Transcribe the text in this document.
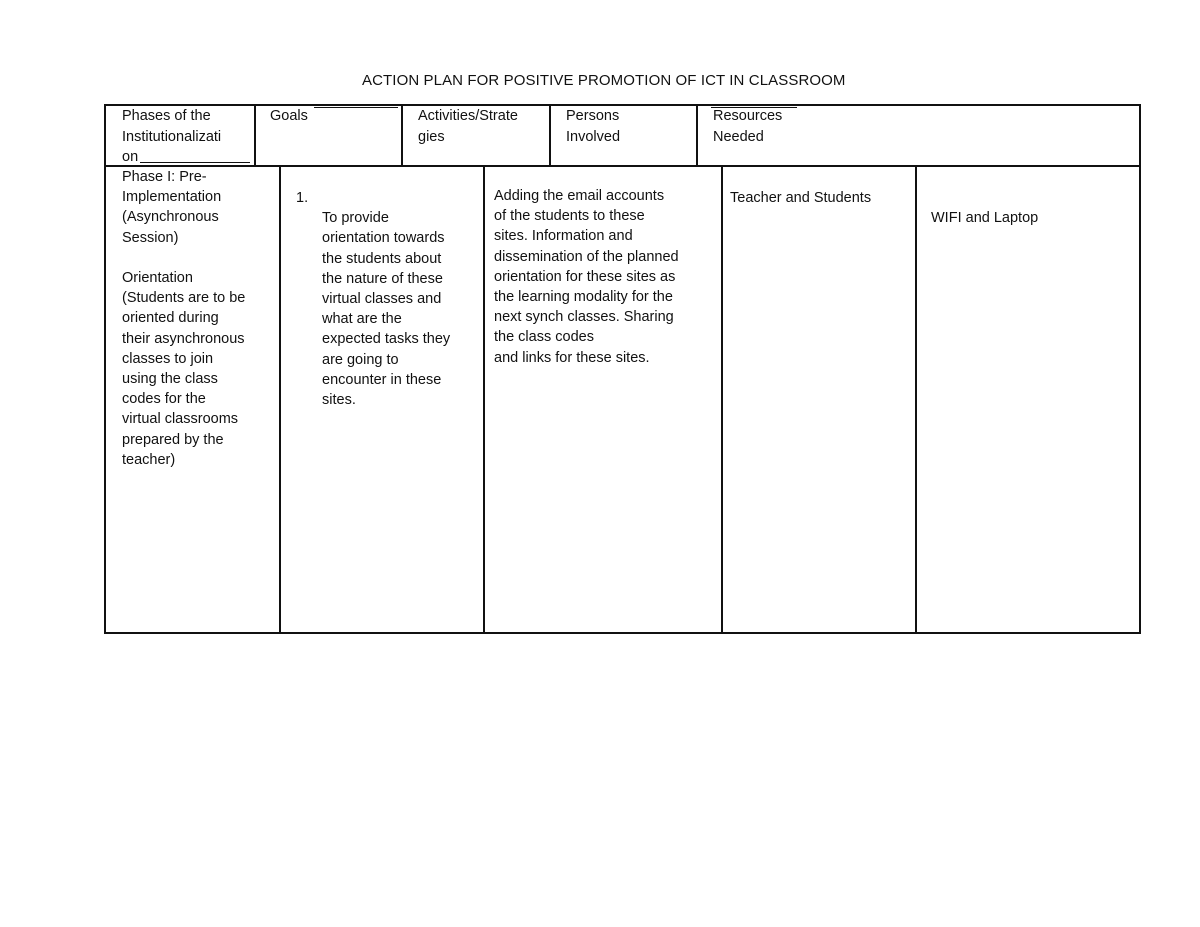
ACTION PLAN FOR POSITIVE PROMOTION OF ICT IN CLASSROOM
Phases of the
Institutionalizati
on
Goals	Activities/Strate
gies
Persons
Involved
Resources
Needed
Phase I: Pre-
Implementation
(Asynchronous
Session)

Orientation
(Students are to be
oriented during
their asynchronous
classes to join
using the class
codes for the
virtual classrooms
prepared by the
teacher)

1.
To provide
orientation towards
the students about
the nature of these
virtual classes and
what are the
expected tasks they
are going to
encounter in these
sites.

Adding the email accounts
of the students to these
sites. Information and
dissemination of the planned
orientation for these sites as
the learning modality for the
next synch classes. Sharing
the class codes
and links for these sites.
Teacher and Students
WIFI and Laptop
